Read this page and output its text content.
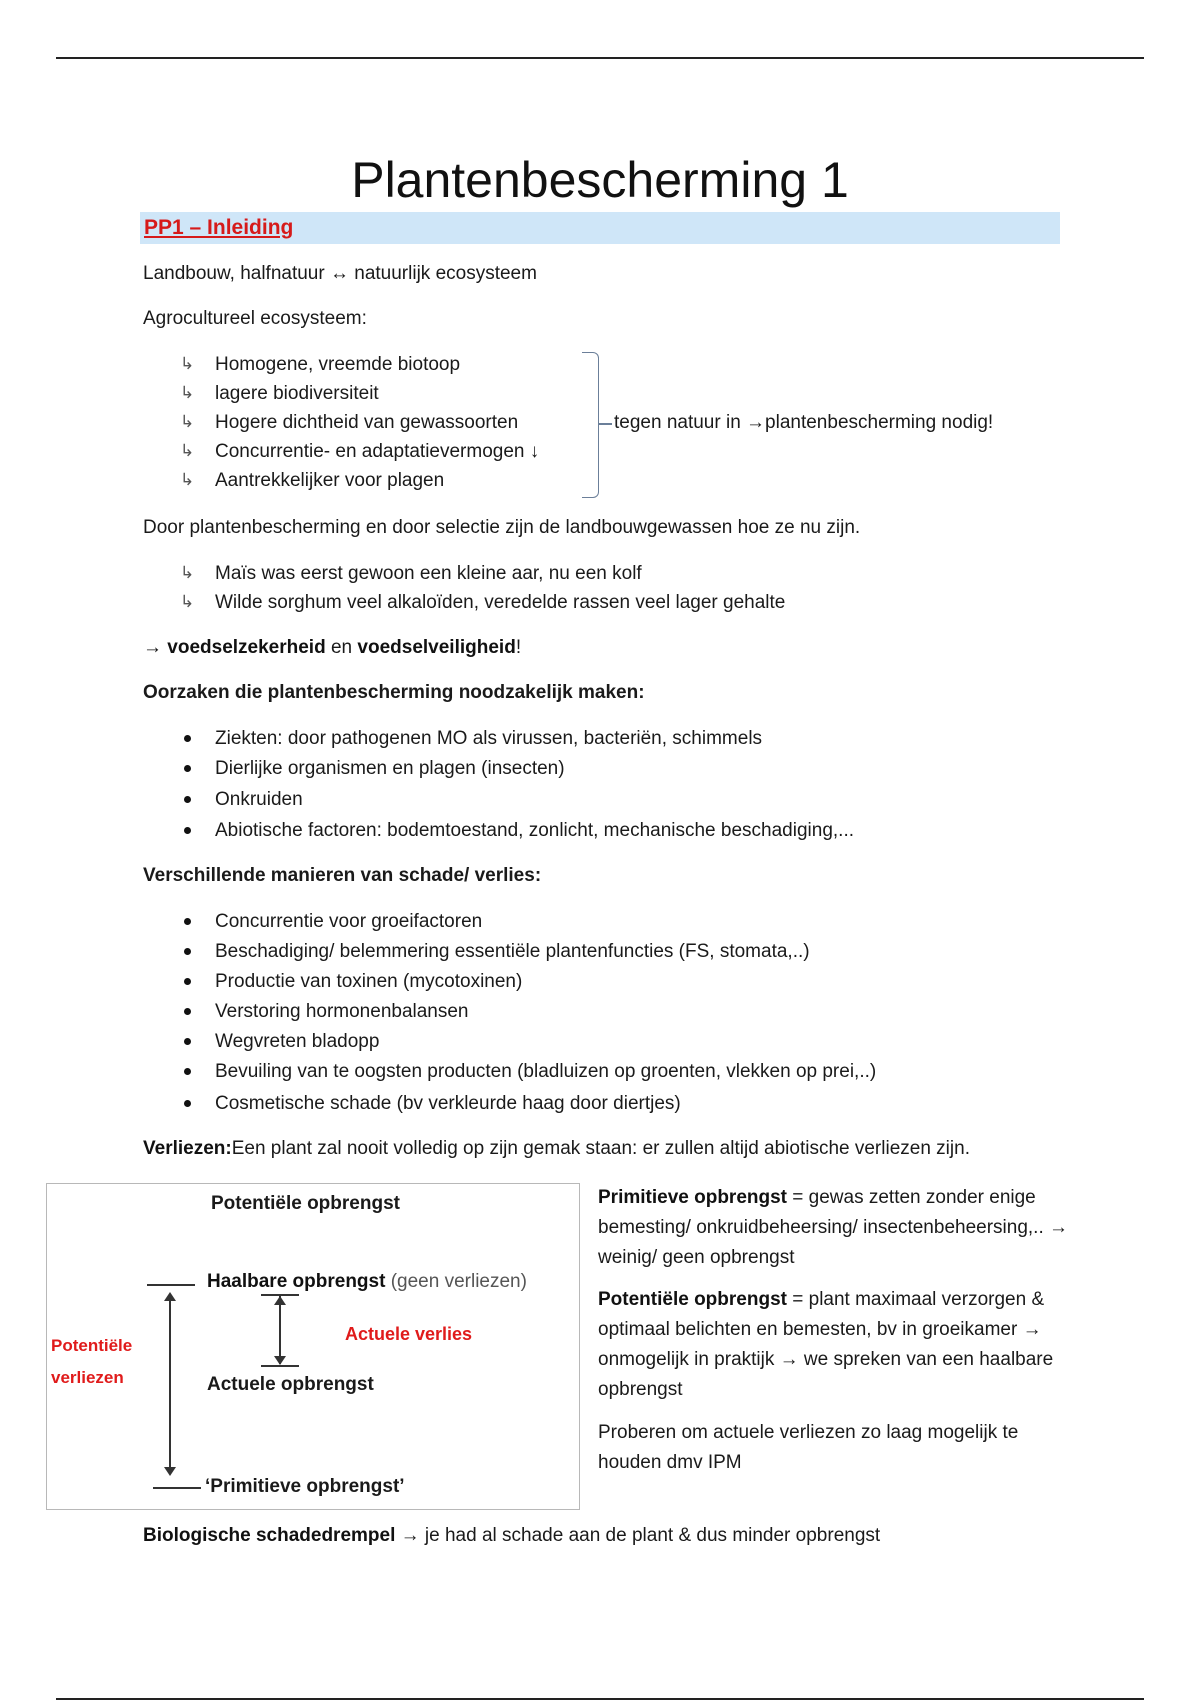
Plantenbescherming 1
PP1 – Inleiding
Landbouw, halfnatuur ↔ natuurlijk ecosysteem
Agrocultureel ecosysteem:
↳ Homogene, vreemde biotoop
↳ lagere biodiversiteit
↳ Hogere dichtheid van gewassoorten
↳ Concurrentie- en adaptatievermogen ↓
↳ Aantrekkelijker voor plagen
tegen natuur in →plantenbescherming nodig!
Door plantenbescherming en door selectie zijn de landbouwgewassen hoe ze nu zijn.
↳ Maïs was eerst gewoon een kleine aar, nu een kolf
↳ Wilde sorghum veel alkaloïden, veredelde rassen veel lager gehalte
→ voedselzekerheid en voedselveiligheid!
Oorzaken die plantenbescherming noodzakelijk maken:
Ziekten: door pathogenen MO als virussen, bacteriën, schimmels
Dierlijke organismen en plagen (insecten)
Onkruiden
Abiotische factoren: bodemtoestand, zonlicht, mechanische beschadiging,...
Verschillende manieren van schade/ verlies:
Concurrentie voor groeifactoren
Beschadiging/ belemmering essentiële plantenfuncties (FS, stomata,..)
Productie van toxinen (mycotoxinen)
Verstoring hormonenbalansen
Wegvreten bladopp
Bevuiling van te oogsten producten (bladluizen op groenten, vlekken op prei,..)
Cosmetische schade (bv verkleurde haag door diertjes)
Verliezen:Een plant zal nooit volledig op zijn gemak staan: er zullen altijd abiotische verliezen zijn.
Potentiële opbrengst
Haalbare opbrengst (geen verliezen)
Actuele verlies
Potentiële
verliezen	Actuele opbrengst
‘Primitieve opbrengst’
Primitieve opbrengst = gewas zetten zonder enige bemesting/ onkruidbeheersing/ insectenbeheersing,.. → weinig/ geen opbrengst
Potentiële opbrengst = plant maximaal verzorgen & optimaal belichten en bemesten, bv in groeikamer → onmogelijk in praktijk → we spreken van een haalbare opbrengst
Proberen om actuele verliezen zo laag mogelijk te houden dmv IPM
Biologische schadedrempel → je had al schade aan de plant & dus minder opbrengst
